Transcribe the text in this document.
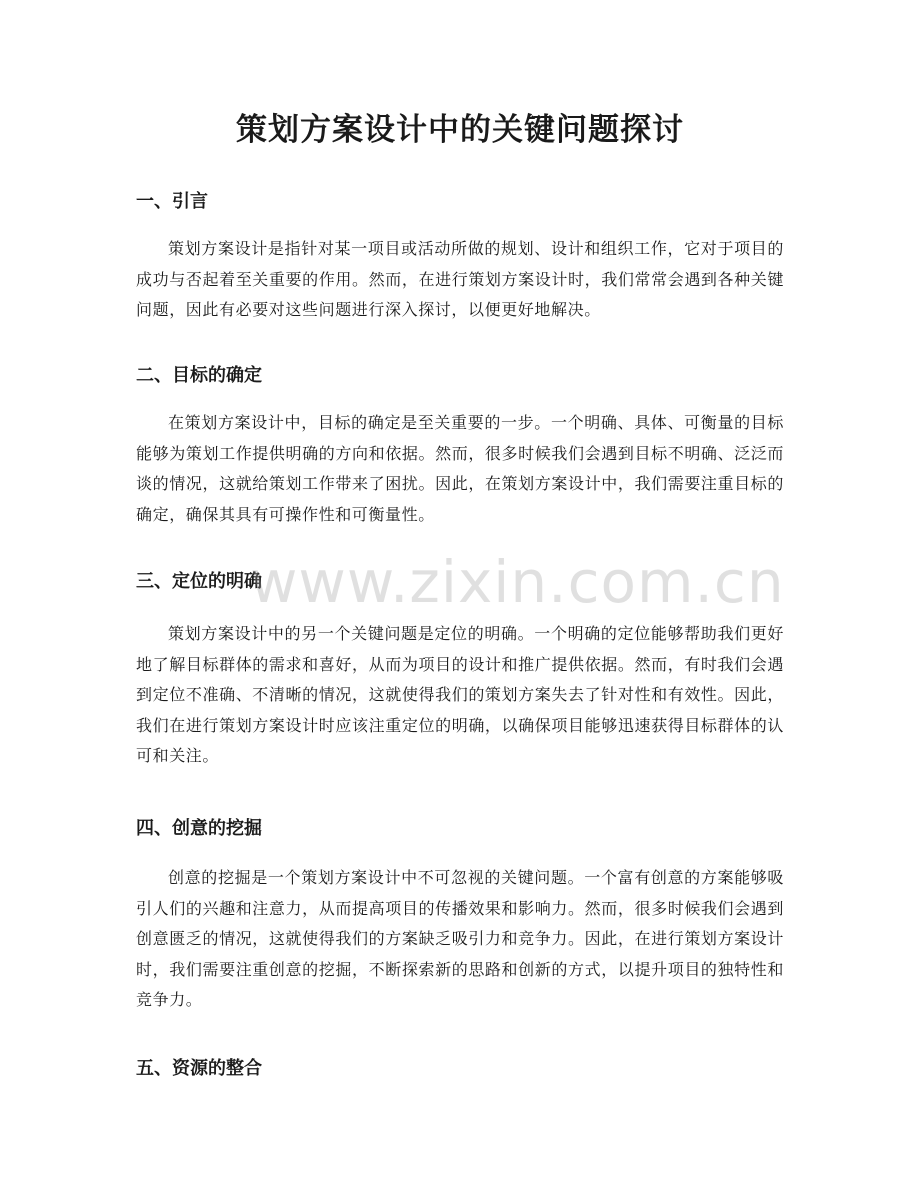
策划方案设计中的关键问题探讨
一、引言
策划方案设计是指针对某一项目或活动所做的规划、设计和组织工作，它对于项目的成功与否起着至关重要的作用。然而，在进行策划方案设计时，我们常常会遇到各种关键问题，因此有必要对这些问题进行深入探讨，以便更好地解决。
二、目标的确定
在策划方案设计中，目标的确定是至关重要的一步。一个明确、具体、可衡量的目标能够为策划工作提供明确的方向和依据。然而，很多时候我们会遇到目标不明确、泛泛而谈的情况，这就给策划工作带来了困扰。因此，在策划方案设计中，我们需要注重目标的确定，确保其具有可操作性和可衡量性。
三、定位的明确
策划方案设计中的另一个关键问题是定位的明确。一个明确的定位能够帮助我们更好地了解目标群体的需求和喜好，从而为项目的设计和推广提供依据。然而，有时我们会遇到定位不准确、不清晰的情况，这就使得我们的策划方案失去了针对性和有效性。因此，我们在进行策划方案设计时应该注重定位的明确，以确保项目能够迅速获得目标群体的认可和关注。
四、创意的挖掘
创意的挖掘是一个策划方案设计中不可忽视的关键问题。一个富有创意的方案能够吸引人们的兴趣和注意力，从而提高项目的传播效果和影响力。然而，很多时候我们会遇到创意匮乏的情况，这就使得我们的方案缺乏吸引力和竞争力。因此，在进行策划方案设计时，我们需要注重创意的挖掘，不断探索新的思路和创新的方式，以提升项目的独特性和竞争力。
五、资源的整合
www.zixin.com.cn
